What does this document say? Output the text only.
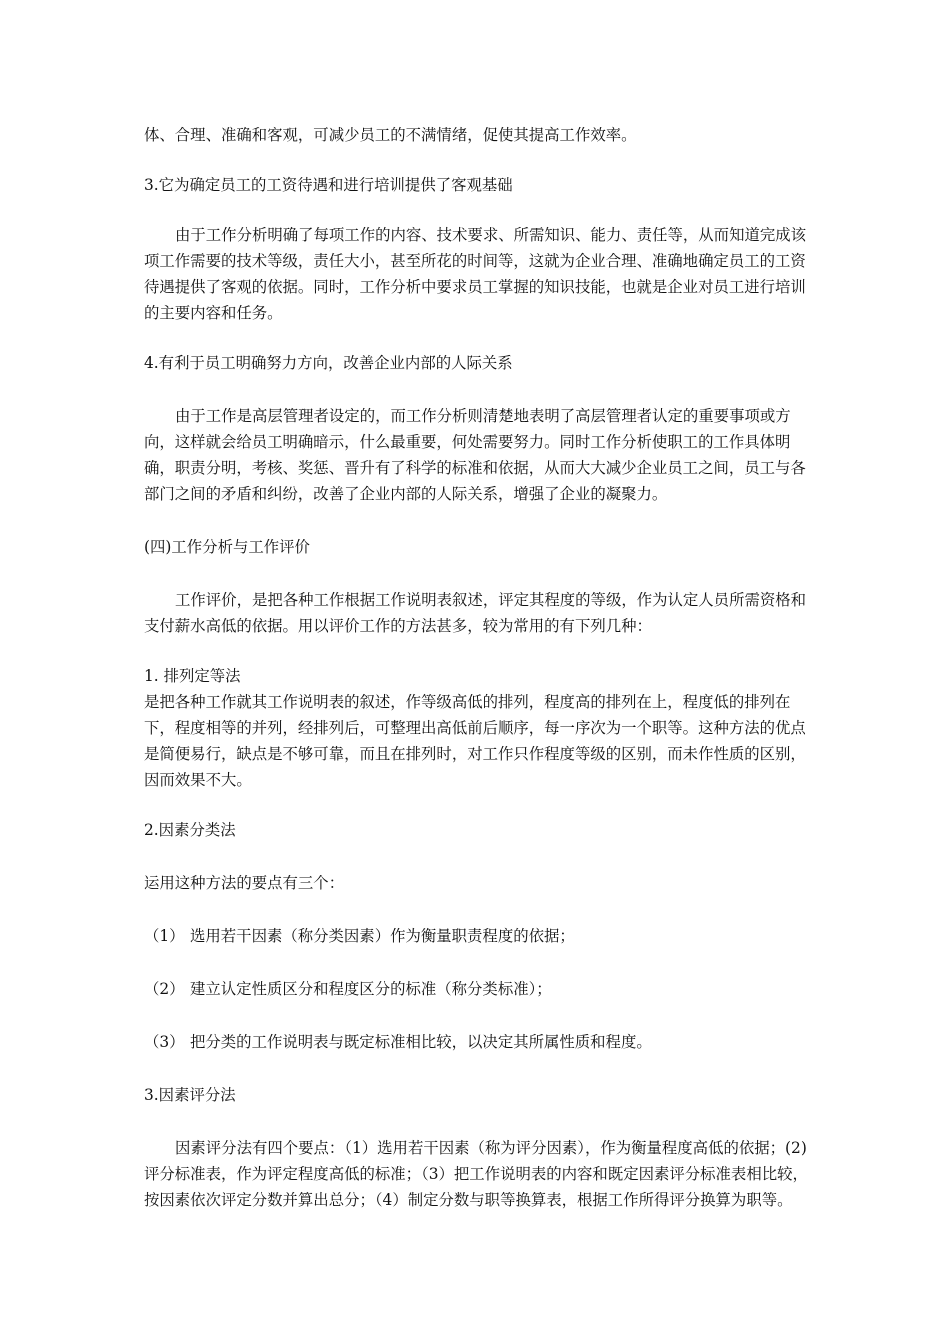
体、合理、准确和客观，可减少员工的不满情绪，促使其提高工作效率。

3.它为确定员工的工资待遇和进行培训提供了客观基础

由于工作分析明确了每项工作的内容、技术要求、所需知识、能力、责任等，从而知道完成该项工作需要的技术等级，责任大小，甚至所花的时间等，这就为企业合理、准确地确定员工的工资待遇提供了客观的依据。同时，工作分析中要求员工掌握的知识技能，也就是企业对员工进行培训的主要内容和任务。

4.有利于员工明确努力方向，改善企业内部的人际关系

由于工作是高层管理者设定的，而工作分析则清楚地表明了高层管理者认定的重要事项或方向，这样就会给员工明确暗示，什么最重要，何处需要努力。同时工作分析使职工的工作具体明确，职责分明，考核、奖惩、晋升有了科学的标准和依据，从而大大减少企业员工之间，员工与各部门之间的矛盾和纠纷，改善了企业内部的人际关系，增强了企业的凝聚力。

(四)工作分析与工作评价

工作评价，是把各种工作根据工作说明表叙述，评定其程度的等级，作为认定人员所需资格和支付薪水高低的依据。用以评价工作的方法甚多，较为常用的有下列几种：

1. 排列定等法

是把各种工作就其工作说明表的叙述，作等级高低的排列，程度高的排列在上，程度低的排列在下，程度相等的并列，经排列后，可整理出高低前后顺序，每一序次为一个职等。这种方法的优点是简便易行，缺点是不够可靠，而且在排列时，对工作只作程度等级的区别，而未作性质的区别，因而效果不大。

2.因素分类法

运用这种方法的要点有三个：

（1） 选用若干因素（称分类因素）作为衡量职责程度的依据；

（2） 建立认定性质区分和程度区分的标准（称分类标准）；

（3） 把分类的工作说明表与既定标准相比较，以决定其所属性质和程度。

3.因素评分法

因素评分法有四个要点：（1）选用若干因素（称为评分因素），作为衡量程度高低的依据；(2)评分标准表，作为评定程度高低的标准；（3）把工作说明表的内容和既定因素评分标准表相比较，按因素依次评定分数并算出总分；（4）制定分数与职等换算表，根据工作所得评分换算为职等。
